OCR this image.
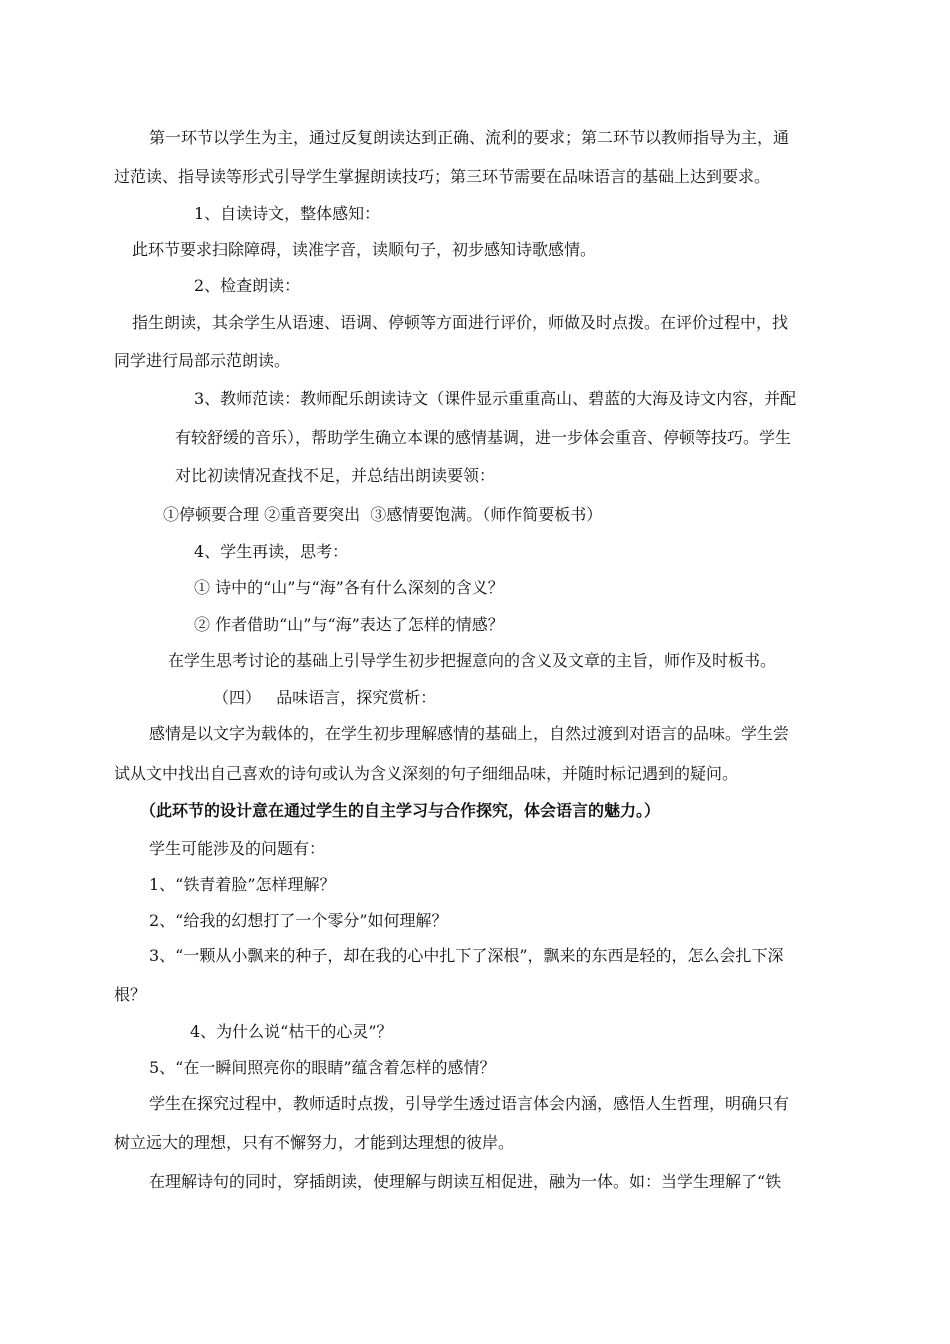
第一环节以学生为主，通过反复朗读达到正确、流利的要求；第二环节以教师指导为主，通
过范读、指导读等形式引导学生掌握朗读技巧；第三环节需要在品味语言的基础上达到要求。
1、自读诗文，整体感知：
此环节要求扫除障碍，读准字音，读顺句子，初步感知诗歌感情。
2、检查朗读：
指生朗读，其余学生从语速、语调、停顿等方面进行评价，师做及时点拨。在评价过程中，找
同学进行局部示范朗读。
3、教师范读：教师配乐朗读诗文（课件显示重重高山、碧蓝的大海及诗文内容，并配
有较舒缓的音乐），帮助学生确立本课的感情基调，进一步体会重音、停顿等技巧。学生
对比初读情况查找不足，并总结出朗读要领：
①停顿要合理 ②重音要突出  ③感情要饱满。（师作简要板书）
4、学生再读，思考：
① 诗中的“山”与“海”各有什么深刻的含义？
② 作者借助“山”与“海”表达了怎样的情感？
在学生思考讨论的基础上引导学生初步把握意向的含义及文章的主旨，师作及时板书。
（四）   品味语言，探究赏析：
感情是以文字为载体的，在学生初步理解感情的基础上，自然过渡到对语言的品味。学生尝
试从文中找出自己喜欢的诗句或认为含义深刻的句子细细品味，并随时标记遇到的疑问。
（此环节的设计意在通过学生的自主学习与合作探究，体会语言的魅力。）
学生可能涉及的问题有：
1、“铁青着脸”怎样理解？
2、“给我的幻想打了一个零分”如何理解？
3、“一颗从小飘来的种子，却在我的心中扎下了深根”，飘来的东西是轻的，怎么会扎下深
根？
4、为什么说“枯干的心灵”？
5、“在一瞬间照亮你的眼睛”蕴含着怎样的感情？
学生在探究过程中，教师适时点拨，引导学生透过语言体会内涵，感悟人生哲理，明确只有
树立远大的理想，只有不懈努力，才能到达理想的彼岸。
在理解诗句的同时，穿插朗读，使理解与朗读互相促进，融为一体。如：当学生理解了“铁
